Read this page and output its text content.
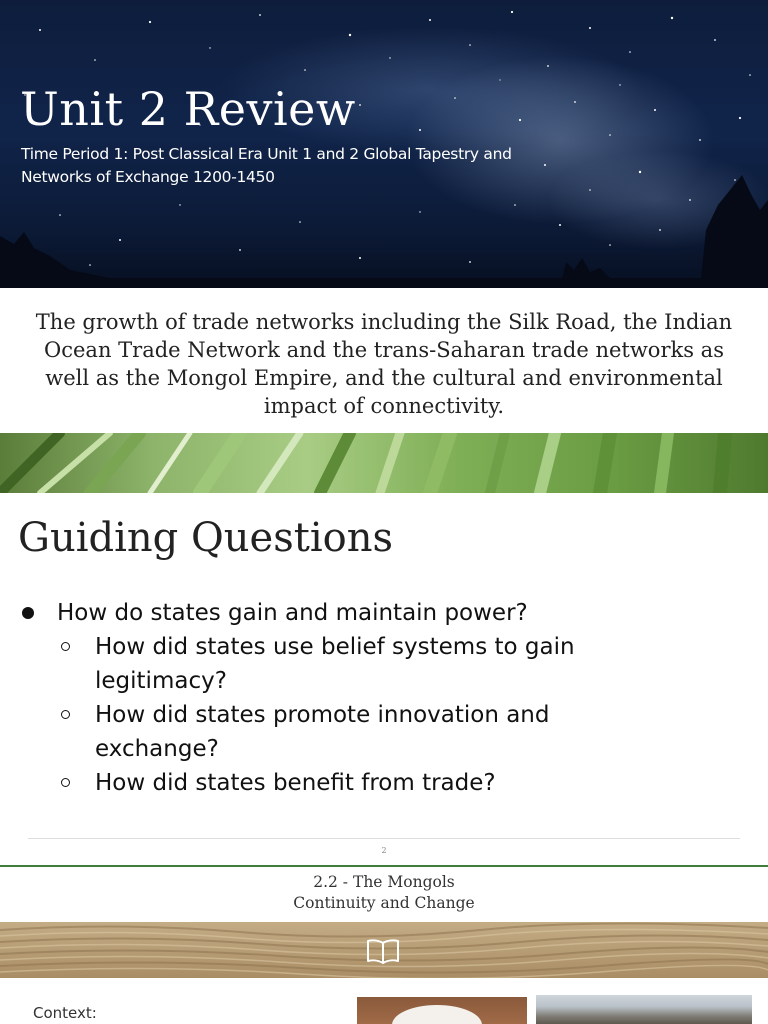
Unit 2 Review

Time Period 1: Post Classical Era Unit 1 and 2 Global Tapestry and
Networks of Exchange 1200-1450

The growth of trade networks including the Silk Road, the Indian Ocean Trade Network and the trans-Saharan trade networks as well as the Mongol Empire, and the cultural and environmental impact of connectivity.

Guiding Questions
How do states gain and maintain power?
How did states use belief systems to gain legitimacy?
How did states promote innovation and exchange?
How did states benefit from trade?
2
2.2 - The Mongols
Continuity and Change

Context:
